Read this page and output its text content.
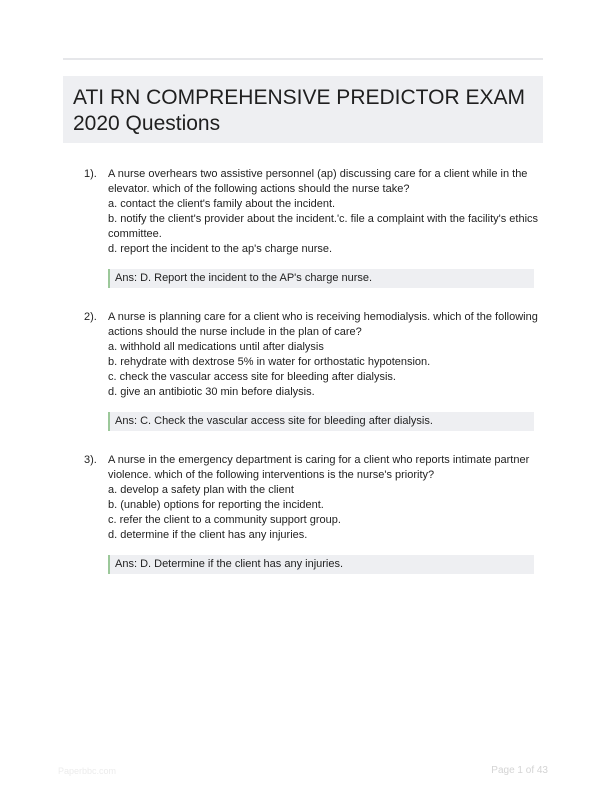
ATI RN COMPREHENSIVE PREDICTOR EXAM
2020 Questions
1). A nurse overhears two assistive personnel (ap) discussing care for a client while in the
elevator. which of the following actions should the nurse take?
a. contact the client's family about the incident.
b. notify the client's provider about the incident.'c. file a complaint with the facility's ethics
committee.
d. report the incident to the ap's charge nurse.
Ans: D. Report the incident to the AP's charge nurse.
2). A nurse is planning care for a client who is receiving hemodialysis. which of the following
actions should the nurse include in the plan of care?
a. withhold all medications until after dialysis
b. rehydrate with dextrose 5% in water for orthostatic hypotension.
c. check the vascular access site for bleeding after dialysis.
d. give an antibiotic 30 min before dialysis.
Ans: C. Check the vascular access site for bleeding after dialysis.
3). A nurse in the emergency department is caring for a client who reports intimate partner
violence. which of the following interventions is the nurse's priority?
a. develop a safety plan with the client
b. (unable) options for reporting the incident.
c. refer the client to a community support group.
d. determine if the client has any injuries.
Ans: D. Determine if the client has any injuries.
Paperbbc.com	Page 1 of 43
